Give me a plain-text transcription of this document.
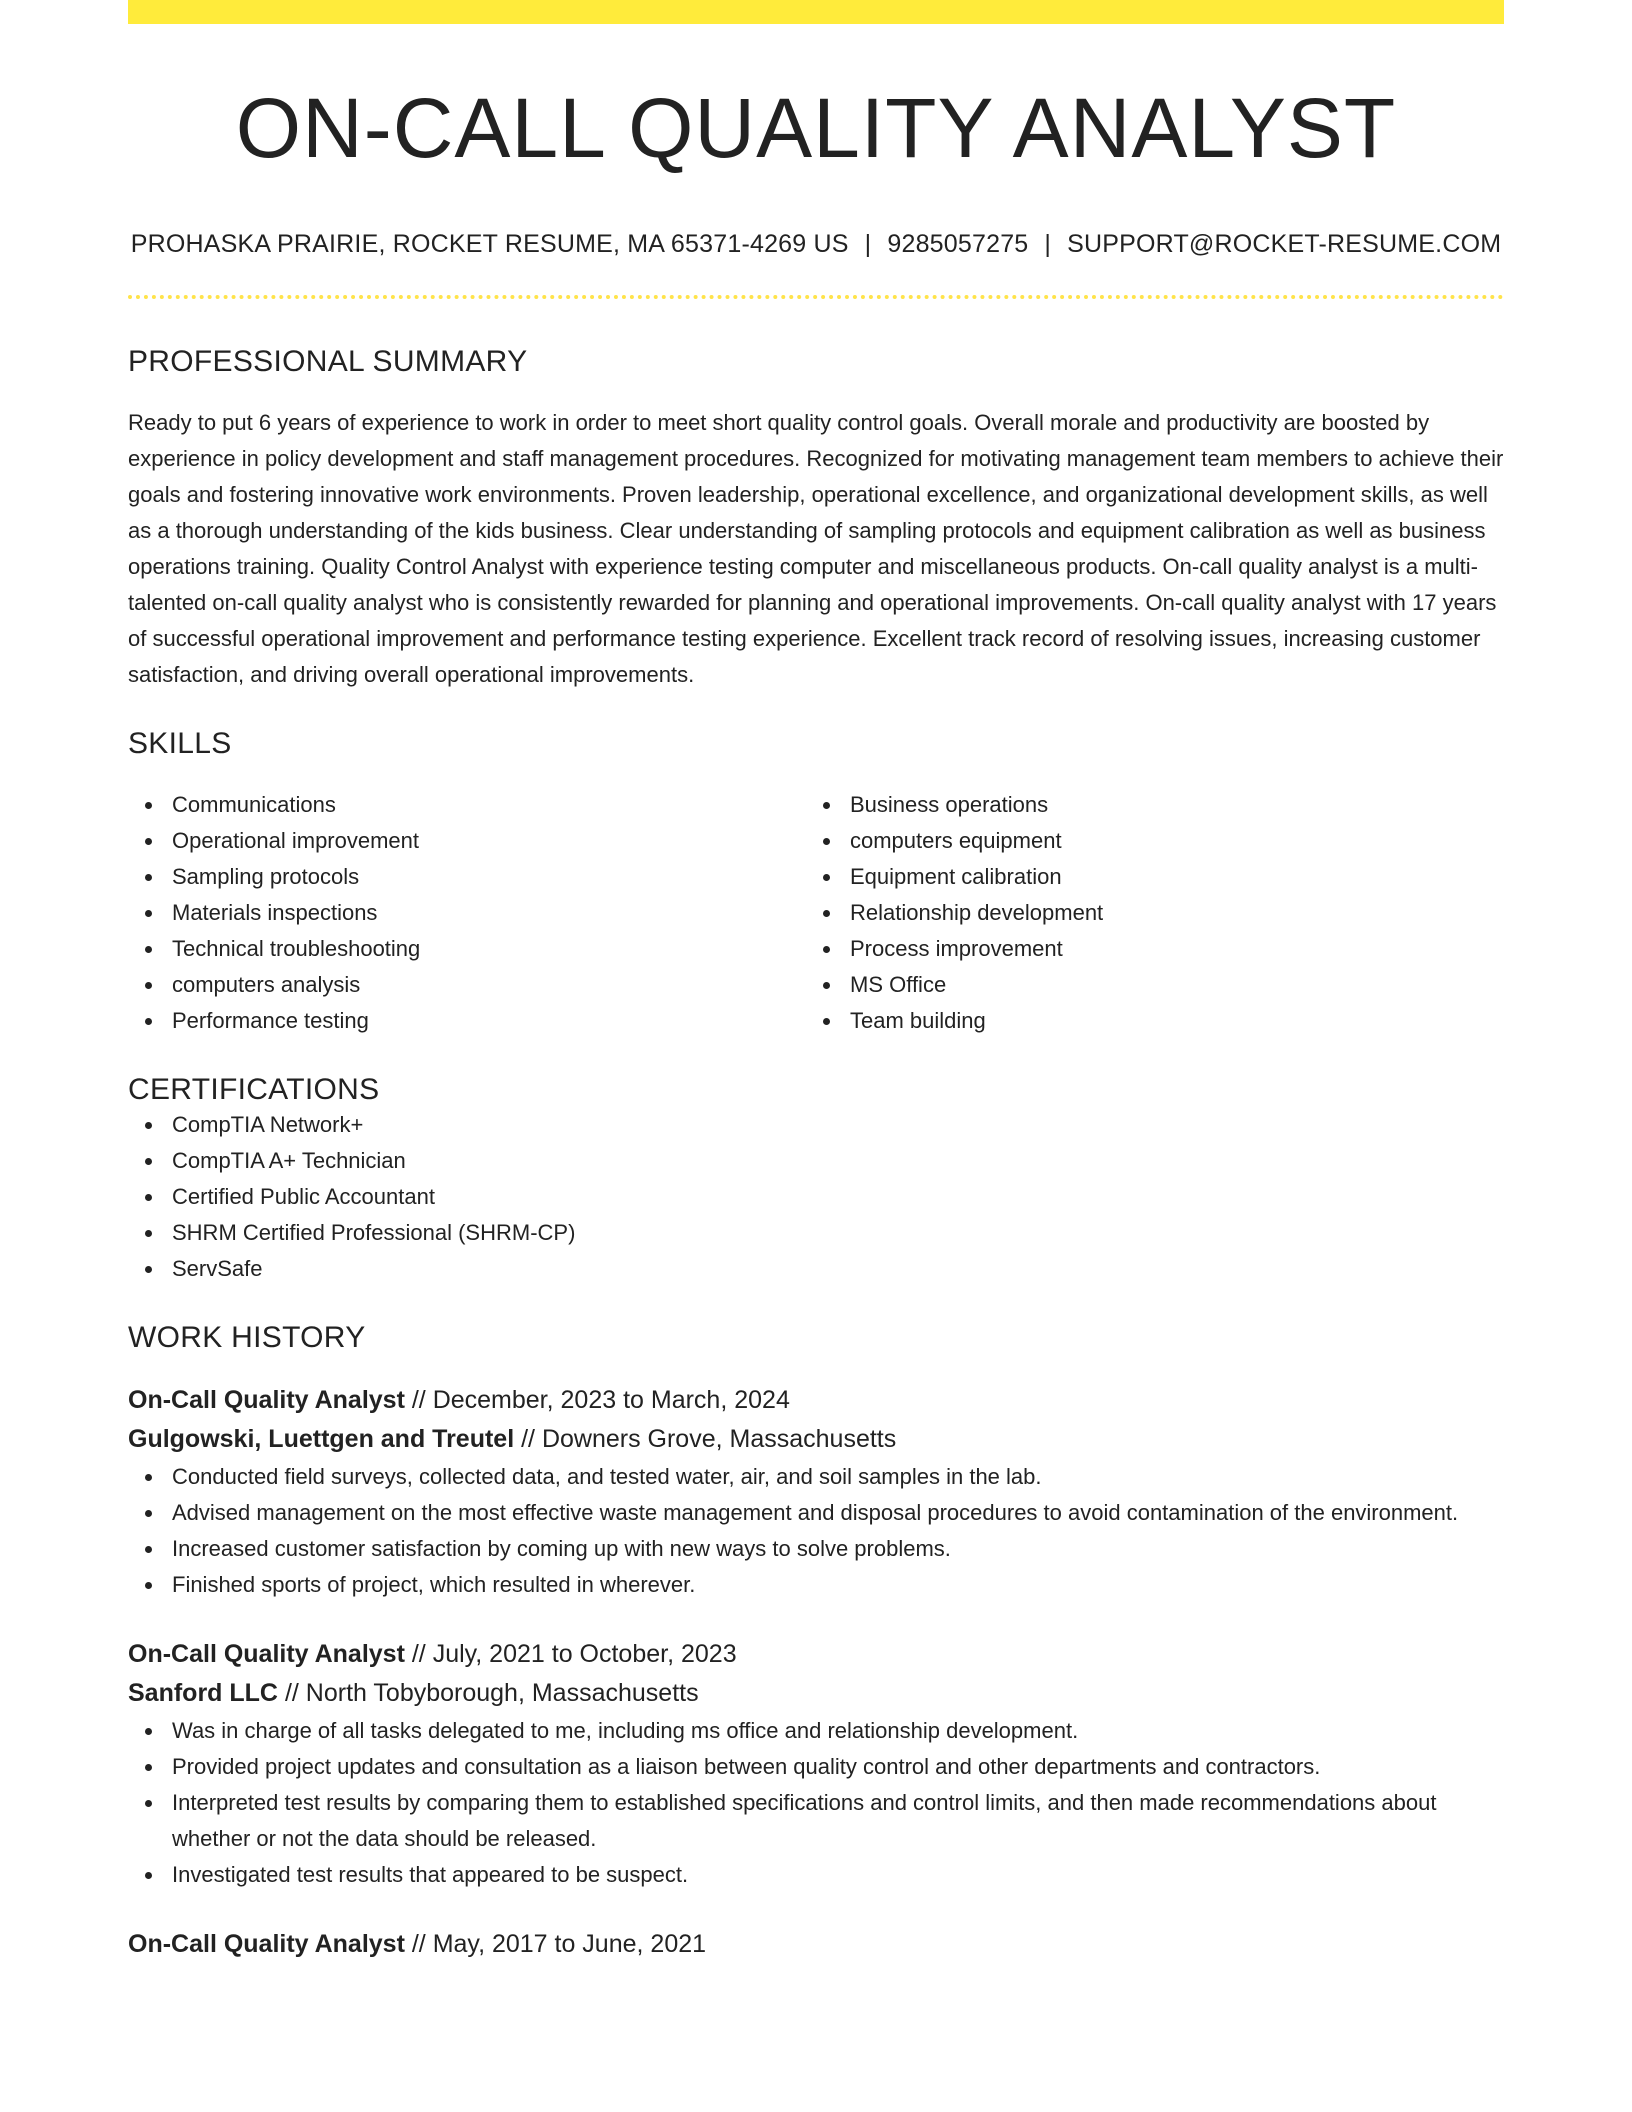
ON-CALL QUALITY ANALYST
PROHASKA PRAIRIE, ROCKET RESUME, MA 65371-4269 US | 9285057275 | SUPPORT@ROCKET-RESUME.COM
PROFESSIONAL SUMMARY

Ready to put 6 years of experience to work in order to meet short quality control goals. Overall morale and productivity are boosted by experience in policy development and staff management procedures. Recognized for motivating management team members to achieve their goals and fostering innovative work environments. Proven leadership, operational excellence, and organizational development skills, as well as a thorough understanding of the kids business. Clear understanding of sampling protocols and equipment calibration as well as business operations training. Quality Control Analyst with experience testing computer and miscellaneous products. On-call quality analyst is a multi-talented on-call quality analyst who is consistently rewarded for planning and operational improvements. On-call quality analyst with 17 years of successful operational improvement and performance testing experience. Excellent track record of resolving issues, increasing customer satisfaction, and driving overall operational improvements.

SKILLS
Communications
Operational improvement
Sampling protocols
Materials inspections
Technical troubleshooting
computers analysis
Performance testing
Business operations
computers equipment
Equipment calibration
Relationship development
Process improvement
MS Office
Team building
CERTIFICATIONS
CompTIA Network+
CompTIA A+ Technician
Certified Public Accountant
SHRM Certified Professional (SHRM-CP)
ServSafe
WORK HISTORY
On-Call Quality Analyst // December, 2023 to March, 2024
Gulgowski, Luettgen and Treutel // Downers Grove, Massachusetts
Conducted field surveys, collected data, and tested water, air, and soil samples in the lab.
Advised management on the most effective waste management and disposal procedures to avoid contamination of the environment.
Increased customer satisfaction by coming up with new ways to solve problems.
Finished sports of project, which resulted in wherever.
On-Call Quality Analyst // July, 2021 to October, 2023
Sanford LLC // North Tobyborough, Massachusetts
Was in charge of all tasks delegated to me, including ms office and relationship development.
Provided project updates and consultation as a liaison between quality control and other departments and contractors.
Interpreted test results by comparing them to established specifications and control limits, and then made recommendations about whether or not the data should be released.
Investigated test results that appeared to be suspect.
On-Call Quality Analyst // May, 2017 to June, 2021
